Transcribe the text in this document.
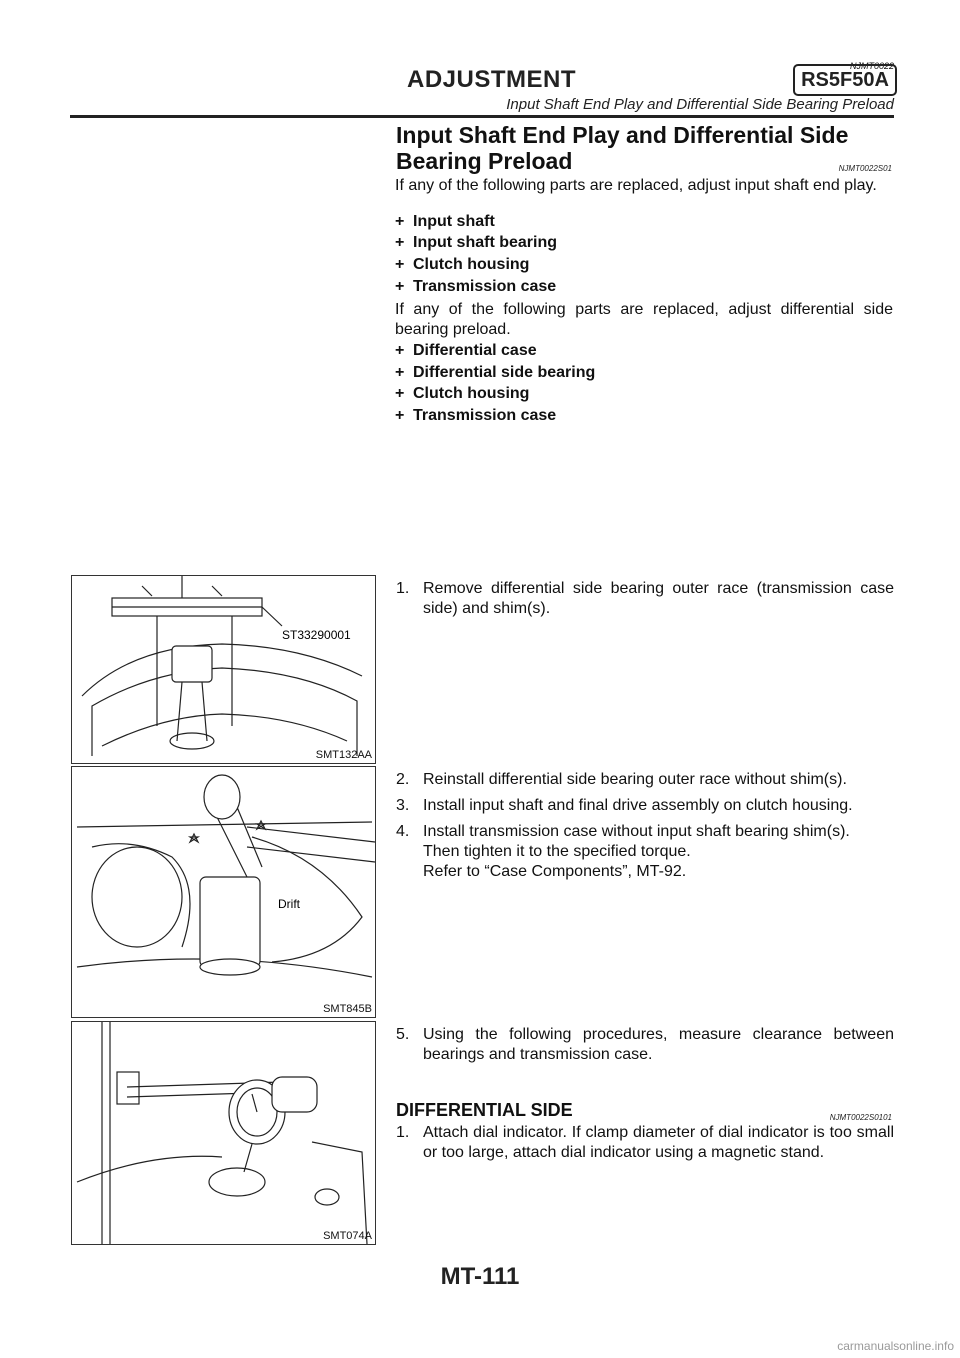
NJMT0022
ADJUSTMENT	RS5F50A
Input Shaft End Play and Differential Side Bearing Preload
Input Shaft End Play and Differential Side Bearing Preload	NJMT0022S01
If any of the following parts are replaced, adjust input shaft end play.
+ Input shaft
+ Input shaft bearing
+ Clutch housing
+ Transmission case
If any of the following parts are replaced, adjust differential side bearing preload.
+ Differential case
+ Differential side bearing
+ Clutch housing
+ Transmission case
ST33290001
SMT132AA
1. Remove differential side bearing outer race (transmission case side) and shim(s).
Drift
SMT845B
2. Reinstall differential side bearing outer race without shim(s).
3. Install input shaft and final drive assembly on clutch housing.
4. Install transmission case without input shaft bearing shim(s).
Then tighten it to the specified torque.
Refer to “Case Components”, MT-92.
SMT074A
5. Using the following procedures, measure clearance between bearings and transmission case.
DIFFERENTIAL SIDE	NJMT0022S0101
1. Attach dial indicator. If clamp diameter of dial indicator is too small or too large, attach dial indicator using a magnetic stand.
MT-111
carmanualsonline.info
